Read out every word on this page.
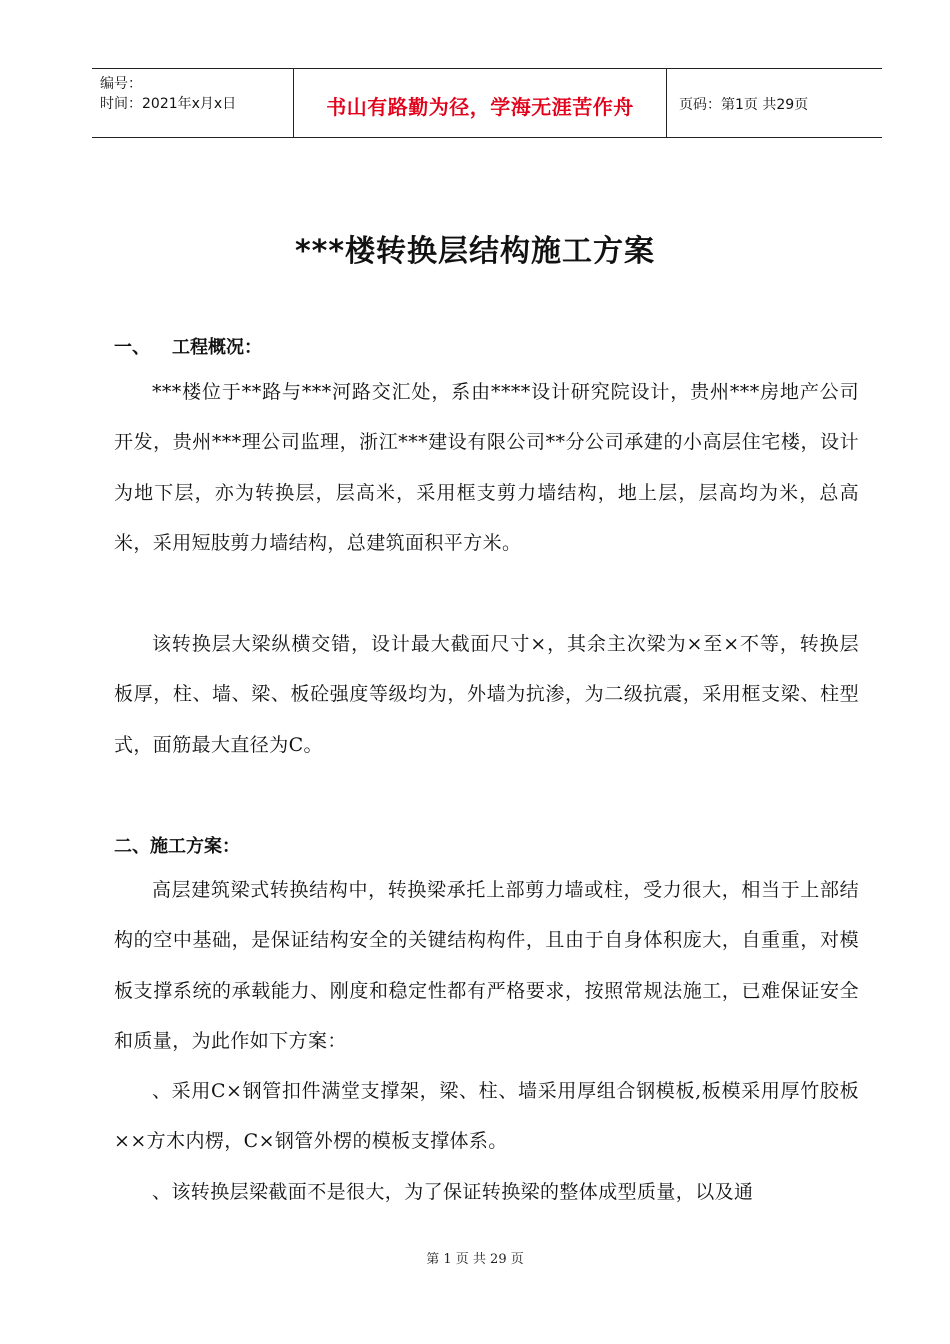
编号：
时间：2021年x月x日	书山有路勤为径，学海无涯苦作舟	页码：第1页 共29页
***楼转换层结构施工方案
一、 工程概况：

***楼位于**路与***河路交汇处，系由****设计研究院设计，贵州***房地产公司开发，贵州***理公司监理，浙江***建设有限公司**分公司承建的小高层住宅楼，设计为地下层，亦为转换层，层高米，采用框支剪力墙结构，地上层，层高均为米，总高米，采用短肢剪力墙结构，总建筑面积平方米。

该转换层大梁纵横交错，设计最大截面尺寸×，其余主次梁为×至×不等，转换层板厚，柱、墙、梁、板砼强度等级均为，外墙为抗渗，为二级抗震，采用框支梁、柱型式，面筋最大直径为Ⅽ。

二、施工方案：

高层建筑梁式转换结构中，转换梁承托上部剪力墙或柱，受力很大，相当于上部结构的空中基础，是保证结构安全的关键结构构件，且由于自身体积庞大，自重重，对模板支撑系统的承载能力、刚度和稳定性都有严格要求，按照常规法施工，已难保证安全和质量，为此作如下方案：

、采用Ⅽ×钢管扣件满堂支撑架，梁、柱、墙采用厚组合钢模板,板模采用厚竹胶板××方木内楞，Ⅽ×钢管外楞的模板支撑体系。

、该转换层梁截面不是很大，为了保证转换梁的整体成型质量，以及通

第 1 页 共 29 页
